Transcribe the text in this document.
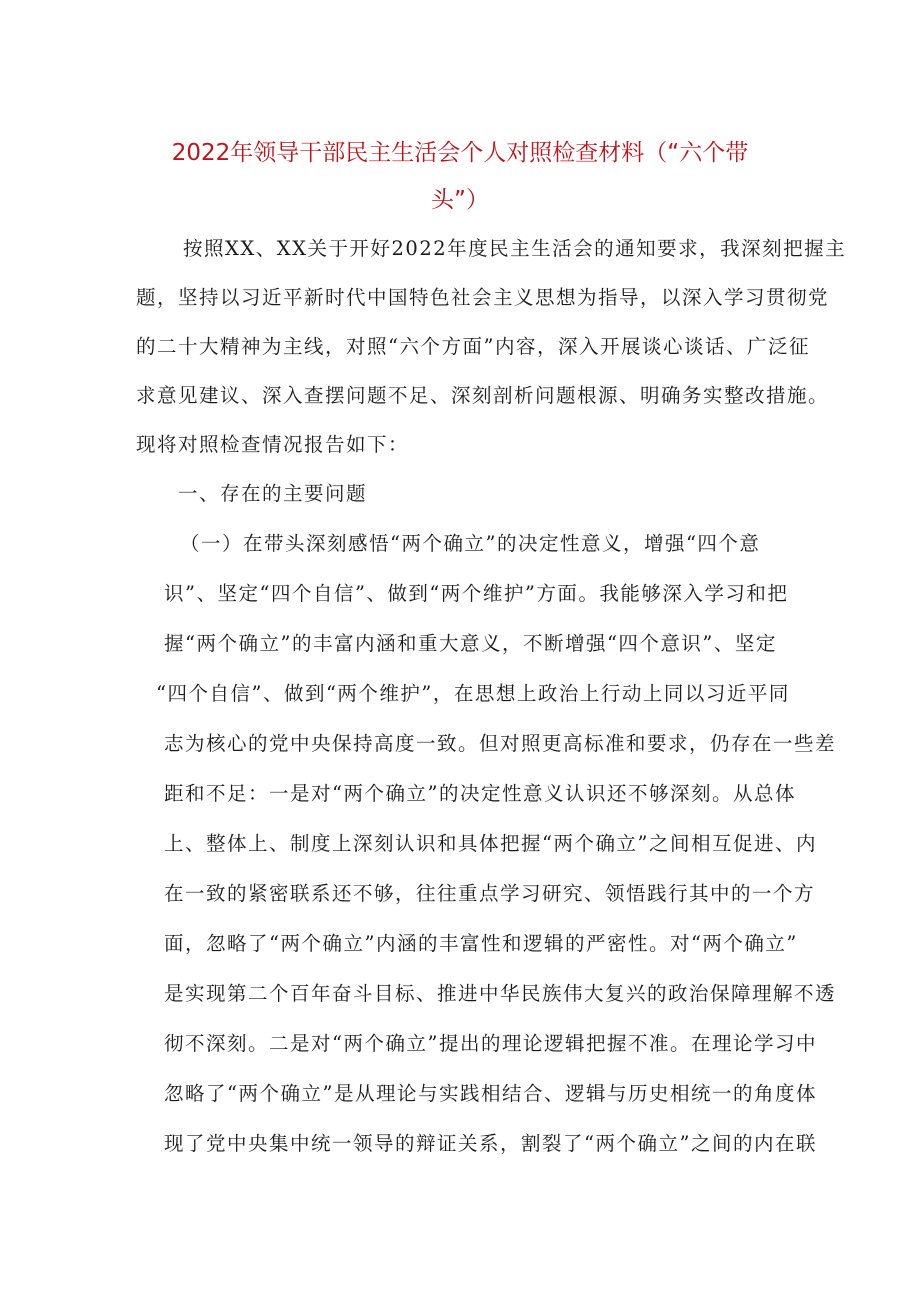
2022年领导干部民主生活会个人对照检查材料（“六个带
头”）
按照XX、XX关于开好2022年度民主生活会的通知要求，我深刻把握主
题，坚持以习近平新时代中国特色社会主义思想为指导，以深入学习贯彻党
的二十大精神为主线，对照“六个方面”内容，深入开展谈心谈话、广泛征
求意见建议、深入查摆问题不足、深刻剖析问题根源、明确务实整改措施。
现将对照检查情况报告如下：
一、存在的主要问题
（一）在带头深刻感悟“两个确立”的决定性意义，增强“四个意
识”、坚定“四个自信”、做到“两个维护”方面。我能够深入学习和把
握“两个确立”的丰富内涵和重大意义，不断增强“四个意识”、坚定
“四个自信”、做到“两个维护”，在思想上政治上行动上同以习近平同
志为核心的党中央保持高度一致。但对照更高标准和要求，仍存在一些差
距和不足：一是对“两个确立”的决定性意义认识还不够深刻。从总体
上、整体上、制度上深刻认识和具体把握“两个确立”之间相互促进、内
在一致的紧密联系还不够，往往重点学习研究、领悟践行其中的一个方
面，忽略了“两个确立”内涵的丰富性和逻辑的严密性。对“两个确立”
是实现第二个百年奋斗目标、推进中华民族伟大复兴的政治保障理解不透
彻不深刻。二是对“两个确立”提出的理论逻辑把握不准。在理论学习中
忽略了“两个确立”是从理论与实践相结合、逻辑与历史相统一的角度体
现了党中央集中统一领导的辩证关系，割裂了“两个确立”之间的内在联
